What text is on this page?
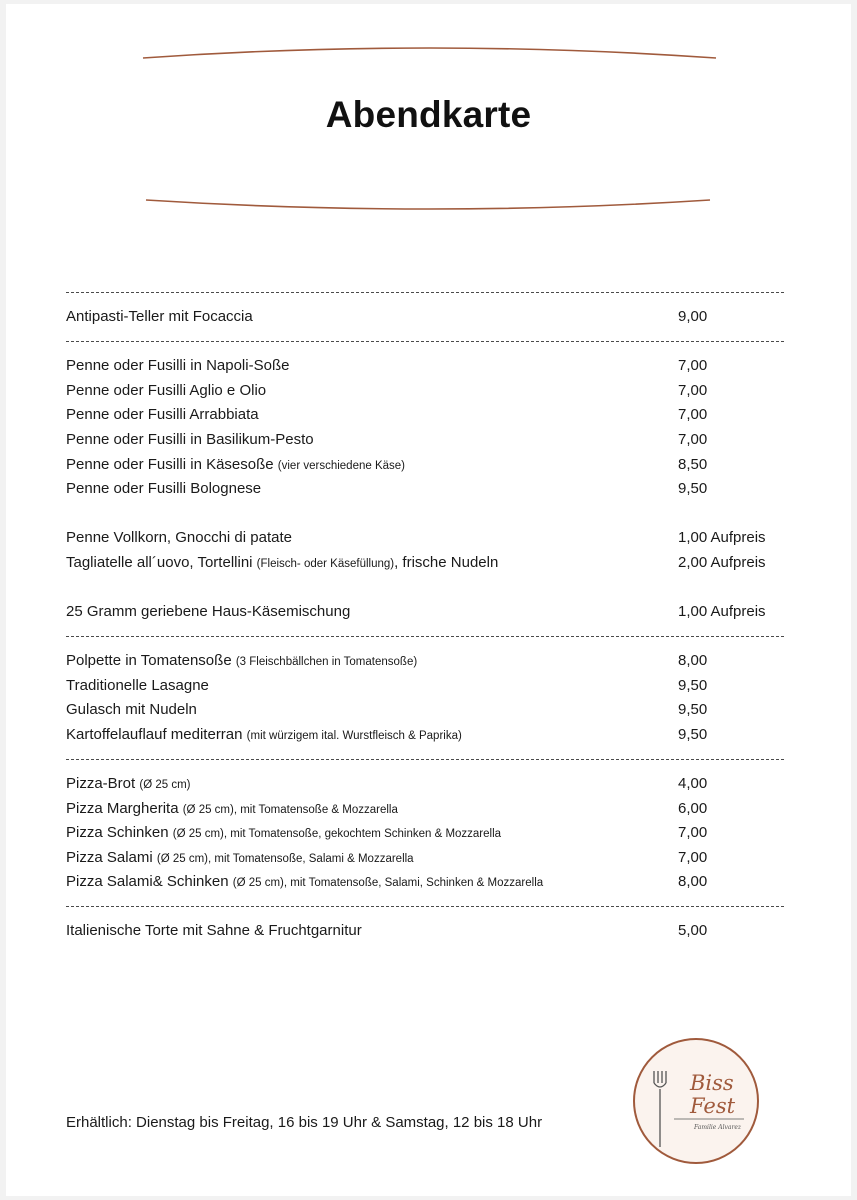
Abendkarte
Antipasti-Teller mit Focaccia	9,00
Penne oder Fusilli in Napoli-Soße	7,00
Penne oder Fusilli Aglio e Olio	7,00
Penne oder Fusilli Arrabbiata	7,00
Penne oder Fusilli in Basilikum-Pesto	7,00
Penne oder Fusilli in Käsesoße (vier verschiedene Käse)	8,50
Penne oder Fusilli Bolognese	9,50
Penne Vollkorn, Gnocchi di patate	1,00 Aufpreis
Tagliatelle all´uovo, Tortellini (Fleisch- oder Käsefüllung), frische Nudeln	2,00 Aufpreis
25 Gramm geriebene Haus-Käsemischung	1,00 Aufpreis
Polpette in Tomatensoße (3 Fleischbällchen in Tomatensoße)	8,00
Traditionelle Lasagne	9,50
Gulasch mit Nudeln	9,50
Kartoffelauflauf mediterran (mit würzigem ital. Wurstfleisch & Paprika)	9,50
Pizza-Brot (Ø 25 cm)	4,00
Pizza Margherita (Ø 25 cm), mit Tomatensoße & Mozzarella	6,00
Pizza Schinken (Ø 25 cm), mit Tomatensoße, gekochtem Schinken & Mozzarella	7,00
Pizza Salami (Ø 25 cm), mit Tomatensoße, Salami & Mozzarella	7,00
Pizza Salami& Schinken (Ø 25 cm), mit Tomatensoße, Salami, Schinken & Mozzarella	8,00
Italienische Torte mit Sahne & Fruchtgarnitur	5,00
Erhältlich: Dienstag bis Freitag, 16 bis 19 Uhr & Samstag, 12 bis 18 Uhr
Biss
Fest
Familie Alvarez
